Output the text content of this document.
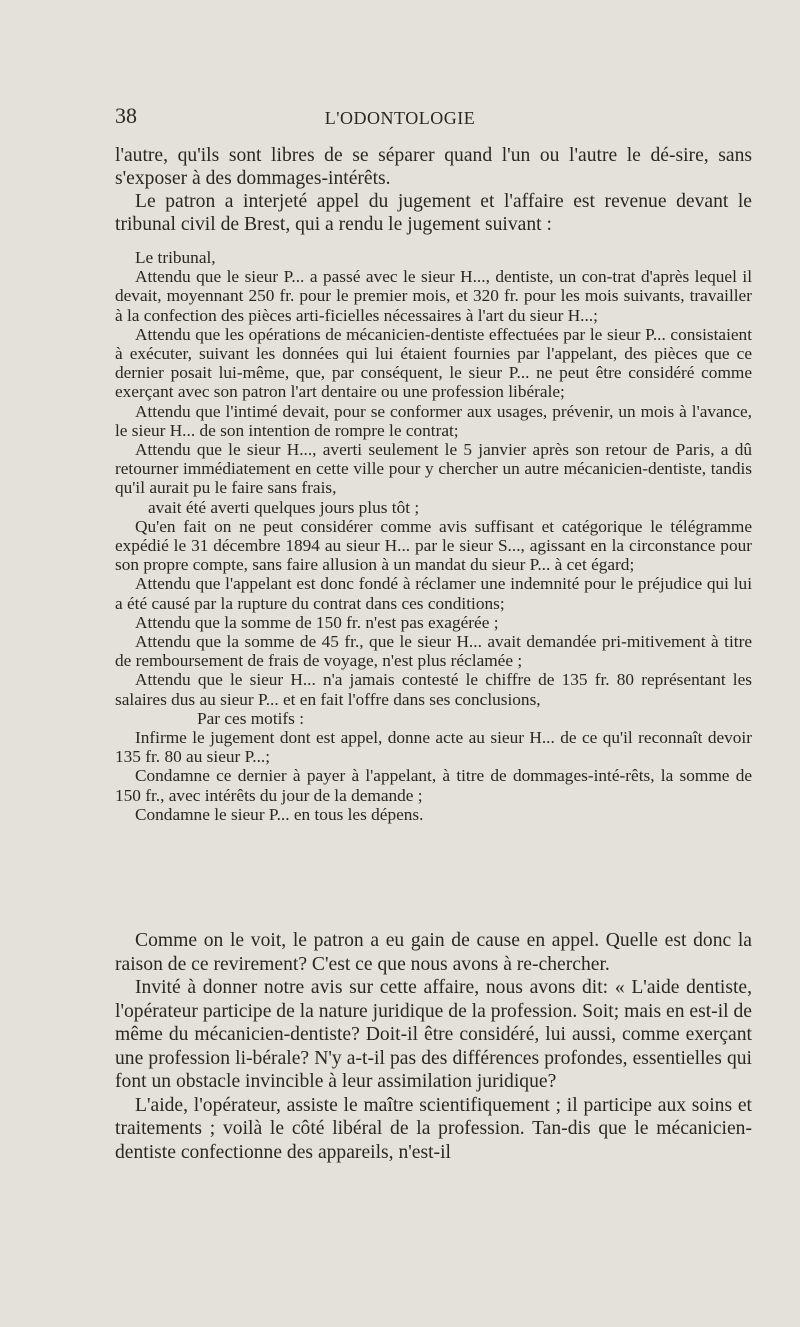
38	L'ODONTOLOGIE

l'autre, qu'ils sont libres de se séparer quand l'un ou l'autre le dé-sire, sans s'exposer à des dommages-intérêts.

Le patron a interjeté appel du jugement et l'affaire est revenue devant le tribunal civil de Brest, qui a rendu le jugement suivant :

Le tribunal,

Attendu que le sieur P... a passé avec le sieur H..., dentiste, un con-trat d'après lequel il devait, moyennant 250 fr. pour le premier mois, et 320 fr. pour les mois suivants, travailler à la confection des pièces arti-ficielles nécessaires à l'art du sieur H...;

Attendu que les opérations de mécanicien-dentiste effectuées par le sieur P... consistaient à exécuter, suivant les données qui lui étaient fournies par l'appelant, des pièces que ce dernier posait lui-même, que, par conséquent, le sieur P... ne peut être considéré comme exerçant avec son patron l'art dentaire ou une profession libérale;

Attendu que l'intimé devait, pour se conformer aux usages, prévenir, un mois à l'avance, le sieur H... de son intention de rompre le contrat;

Attendu que le sieur H..., averti seulement le 5 janvier après son retour de Paris, a dû retourner immédiatement en cette ville pour y chercher un autre mécanicien-dentiste, tandis qu'il aurait pu le faire sans frais,

avait été averti quelques jours plus tôt ;

Qu'en fait on ne peut considérer comme avis suffisant et catégorique le télégramme expédié le 31 décembre 1894 au sieur H... par le sieur S..., agissant en la circonstance pour son propre compte, sans faire allusion à un mandat du sieur P... à cet égard;

Attendu que l'appelant est donc fondé à réclamer une indemnité pour le préjudice qui lui a été causé par la rupture du contrat dans ces conditions;

Attendu que la somme de 150 fr. n'est pas exagérée ;

Attendu que la somme de 45 fr., que le sieur H... avait demandée pri-mitivement à titre de remboursement de frais de voyage, n'est plus réclamée ;

Attendu que le sieur H... n'a jamais contesté le chiffre de 135 fr. 80 représentant les salaires dus au sieur P... et en fait l'offre dans ses conclusions,

Par ces motifs :

Infirme le jugement dont est appel, donne acte au sieur H... de ce qu'il reconnaît devoir 135 fr. 80 au sieur P...;

Condamne ce dernier à payer à l'appelant, à titre de dommages-inté-rêts, la somme de 150 fr., avec intérêts du jour de la demande ;

Condamne le sieur P... en tous les dépens.

Comme on le voit, le patron a eu gain de cause en appel. Quelle est donc la raison de ce revirement? C'est ce que nous avons à re-chercher.

Invité à donner notre avis sur cette affaire, nous avons dit: « L'aide dentiste, l'opérateur participe de la nature juridique de la profession. Soit; mais en est-il de même du mécanicien-dentiste? Doit-il être considéré, lui aussi, comme exerçant une profession li-bérale? N'y a-t-il pas des différences profondes, essentielles qui font un obstacle invincible à leur assimilation juridique?

L'aide, l'opérateur, assiste le maître scientifiquement ; il participe aux soins et traitements ; voilà le côté libéral de la profession. Tan-dis que le mécanicien-dentiste confectionne des appareils, n'est-il
